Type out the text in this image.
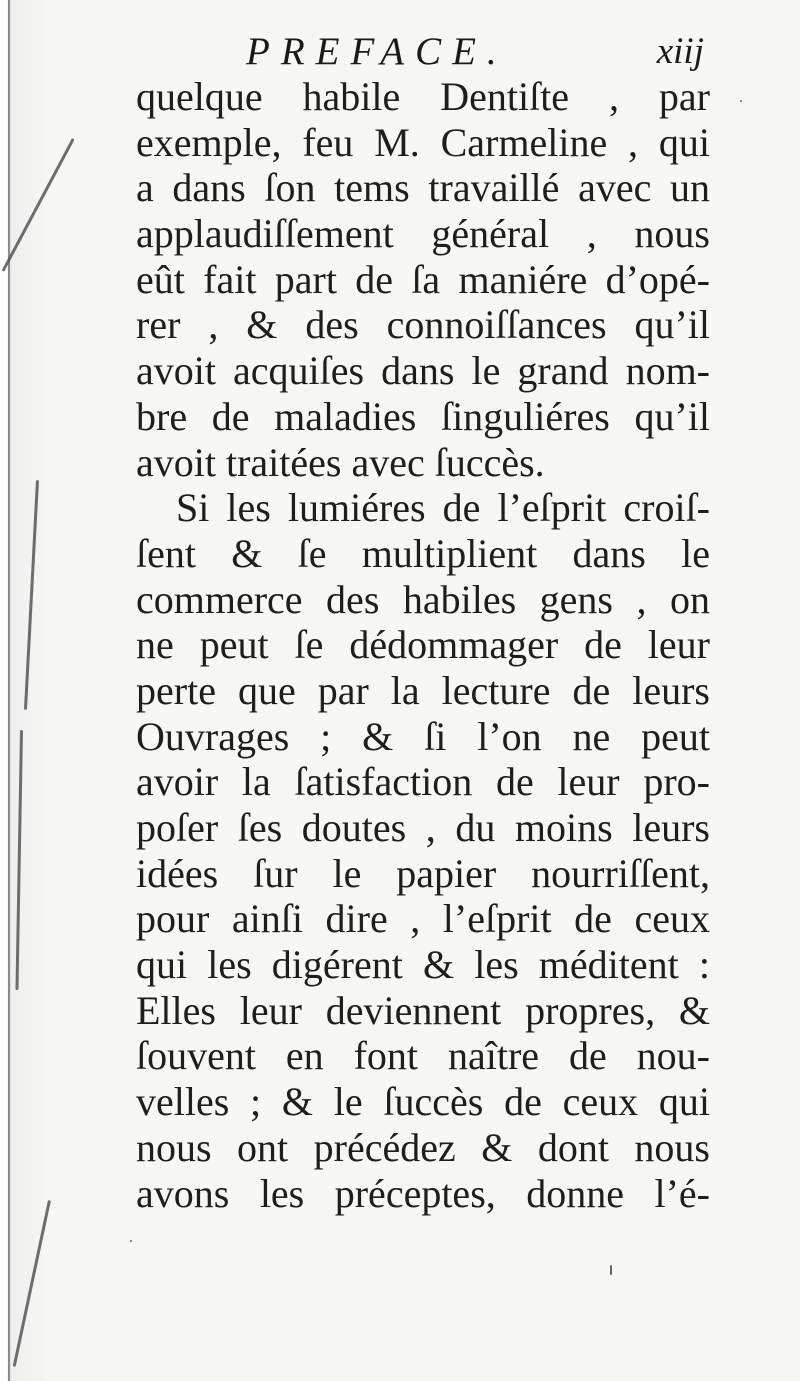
PREFACE.	xiij
quelque habile Dentiſte , par
exemple, feu M. Carmeline , qui
a dans ſon tems travaillé avec un
applaudiſſement général , nous
eût fait part de ſa maniére d’opé-
rer , & des connoiſſances qu’il
avoit acquiſes dans le grand nom-
bre de maladies ſinguliéres qu’il
avoit traitées avec ſuccès.
Si les lumiéres de l’eſprit croiſ-
ſent & ſe multiplient dans le
commerce des habiles gens , on
ne peut ſe dédommager de leur
perte que par la lecture de leurs
Ouvrages ; & ſi l’on ne peut
avoir la ſatisfaction de leur pro-
poſer ſes doutes , du moins leurs
idées ſur le papier nourriſſent,
pour ainſi dire , l’eſprit de ceux
qui les digérent & les méditent :
Elles leur deviennent propres, &
ſouvent en font naître de nou-
velles ; & le ſuccès de ceux qui
nous ont précédez & dont nous
avons les préceptes, donne l’é-
